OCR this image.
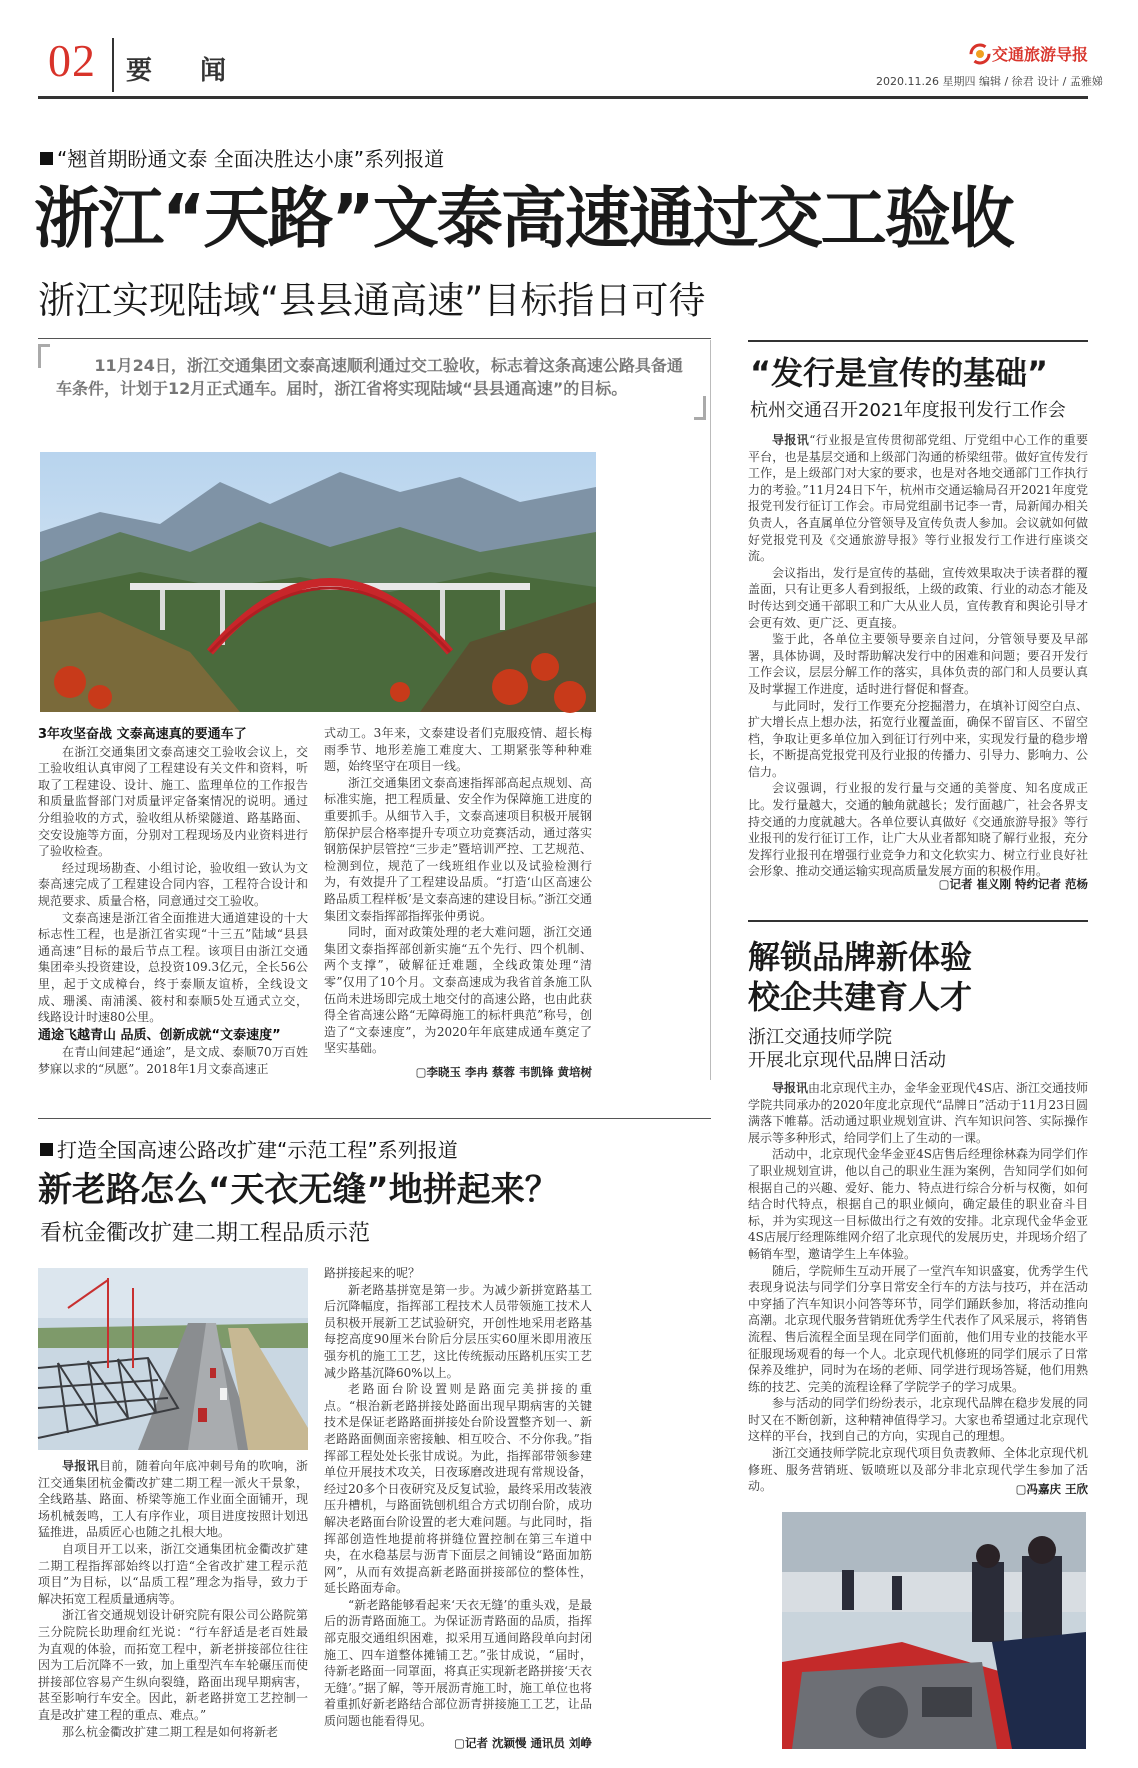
02 要闻
交通旅游导报
2020.11.26 星期四 编辑 / 徐君 设计 / 孟雅娣
“翘首期盼通文泰 全面决胜达小康”系列报道
浙江“天路”文泰高速通过交工验收
浙江实现陆域“县县通高速”目标指日可待
11月24日，浙江交通集团文泰高速顺利通过交工验收，标志着这条高速公路具备通车条件，计划于12月正式通车。届时，浙江省将实现陆域“县县通高速”的目标。

3年攻坚奋战 文泰高速真的要通车了

在浙江交通集团文泰高速交工验收会议上，交工验收组认真审阅了工程建设有关文件和资料，听取了工程建设、设计、施工、监理单位的工作报告和质量监督部门对质量评定备案情况的说明。通过分组验收的方式，验收组从桥梁隧道、路基路面、交安设施等方面，分别对工程现场及内业资料进行了验收检查。

经过现场勘查、小组讨论，验收组一致认为文泰高速完成了工程建设合同内容，工程符合设计和规范要求、质量合格，同意通过交工验收。

文泰高速是浙江省全面推进大通道建设的十大标志性工程，也是浙江省实现“十三五”陆域“县县通高速”目标的最后节点工程。该项目由浙江交通集团牵头投资建设，总投资109.3亿元，全长56公里，起于文成樟台，终于泰顺友谊桥，全线设文成、珊溪、南浦溪、筱村和泰顺5处互通式立交，线路设计时速80公里。

通途飞越青山 品质、创新成就“文泰速度”

在青山间建起“通途”，是文成、泰顺70万百姓梦寐以求的“夙愿”。2018年1月文泰高速正

式动工。3年来，文泰建设者们克服疫情、超长梅雨季节、地形差施工难度大、工期紧张等种种难题，始终坚守在项目一线。

浙江交通集团文泰高速指挥部高起点规划、高标准实施，把工程质量、安全作为保障施工进度的重要抓手。从细节入手，文泰高速项目积极开展钢筋保护层合格率提升专项立功竞赛活动，通过落实钢筋保护层管控“三步走”暨培训严控、工艺规范、检测到位，规范了一线班组作业以及试验检测行为，有效提升了工程建设品质。“打造‘山区高速公路品质工程样板’是文泰高速的建设目标。”浙江交通集团文泰指挥部指挥张仲勇说。

同时，面对政策处理的老大难问题，浙江交通集团文泰指挥部创新实施“五个先行、四个机制、两个支撑”，破解征迁难题，全线政策处理“清零”仅用了10个月。文泰高速成为我省首条施工队伍尚未进场即完成土地交付的高速公路，也由此获得全省高速公路“无障碍施工的标杆典范”称号，创造了“文泰速度”，为2020年年底建成通车奠定了坚实基础。

▢李晓玉 李冉 蔡蓉 韦凯锋 黄培树
“发行是宣传的基础”
杭州交通召开2021年度报刊发行工作会

导报讯“行业报是宣传贯彻部党组、厅党组中心工作的重要平台，也是基层交通和上级部门沟通的桥梁纽带。做好宣传发行工作，是上级部门对大家的要求，也是对各地交通部门工作执行力的考验。”11月24日下午，杭州市交通运输局召开2021年度党报党刊发行征订工作会。市局党组副书记李一青，局新闻办相关负责人，各直属单位分管领导及宣传负责人参加。会议就如何做好党报党刊及《交通旅游导报》等行业报发行工作进行座谈交流。

会议指出，发行是宣传的基础，宣传效果取决于读者群的覆盖面，只有让更多人看到报纸，上级的政策、行业的动态才能及时传达到交通干部职工和广大从业人员，宣传教育和舆论引导才会更有效、更广泛、更直接。

鉴于此，各单位主要领导要亲自过问，分管领导要及早部署，具体协调，及时帮助解决发行中的困难和问题；要召开发行工作会议，层层分解工作的落实，具体负责的部门和人员要认真及时掌握工作进度，适时进行督促和督查。

与此同时，发行工作要充分挖掘潜力，在填补订阅空白点、扩大增长点上想办法，拓宽行业覆盖面，确保不留盲区、不留空档，争取让更多单位加入到征订行列中来，实现发行量的稳步增长，不断提高党报党刊及行业报的传播力、引导力、影响力、公信力。

会议强调，行业报的发行量与交通的美誉度、知名度成正比。发行量越大，交通的触角就越长；发行面越广，社会各界支持交通的力度就越大。各单位要认真做好《交通旅游导报》等行业报刊的发行征订工作，让广大从业者都知晓了解行业报，充分发挥行业报刊在增强行业竞争力和文化软实力、树立行业良好社会形象、推动交通运输实现高质量发展方面的积极作用。

▢记者 崔义刚 特约记者 范杨
解锁品牌新体验
校企共建育人才
浙江交通技师学院
开展北京现代品牌日活动

导报讯由北京现代主办，金华金亚现代4S店、浙江交通技师学院共同承办的2020年度北京现代“品牌日”活动于11月23日圆满落下帷幕。活动通过职业规划宣讲、汽车知识问答、实际操作展示等多种形式，给同学们上了生动的一课。

活动中，北京现代金华金亚4S店售后经理徐林森为同学们作了职业规划宣讲，他以自己的职业生涯为案例，告知同学们如何根据自己的兴趣、爱好、能力、特点进行综合分析与权衡，如何结合时代特点，根据自己的职业倾向，确定最佳的职业奋斗目标，并为实现这一目标做出行之有效的安排。北京现代金华金亚4S店展厅经理陈维网介绍了北京现代的发展历史，并现场介绍了畅销车型，邀请学生上车体验。

随后，学院师生互动开展了一堂汽车知识盛宴，优秀学生代表现身说法与同学们分享日常安全行车的方法与技巧，并在活动中穿插了汽车知识小问答等环节，同学们踊跃参加，将活动推向高潮。北京现代服务营销班优秀学生代表作了风采展示，将销售流程、售后流程全面呈现在同学们面前，他们用专业的技能水平征服现场观看的每一个人。北京现代机修班的同学们展示了日常保养及维护，同时为在场的老师、同学进行现场答疑，他们用熟练的技艺、完美的流程诠释了学院学子的学习成果。

参与活动的同学们纷纷表示，北京现代品牌在稳步发展的同时又在不断创新，这种精神值得学习。大家也希望通过北京现代这样的平台，找到自己的方向，实现自己的理想。

浙江交通技师学院北京现代项目负责教师、全体北京现代机修班、服务营销班、钣喷班以及部分非北京现代学生参加了活动。	▢冯嘉庆 王欣
打造全国高速公路改扩建“示范工程”系列报道
新老路怎么“天衣无缝”地拼起来？
看杭金衢改扩建二期工程品质示范

导报讯目前，随着向年底冲刺号角的吹响，浙江交通集团杭金衢改扩建二期工程一派火干景象，全线路基、路面、桥梁等施工作业面全面铺开，现场机械轰鸣，工人有序作业，项目进度按照计划迅猛推进，品质匠心也随之扎根大地。

自项目开工以来，浙江交通集团杭金衢改扩建二期工程指挥部始终以打造“全省改扩建工程示范项目”为目标，以“品质工程”理念为指导，致力于解决拓宽工程质量通病等。

浙江省交通规划设计研究院有限公司公路院第三分院院长助理俞红光说：“行车舒适是老百姓最为直观的体验，而拓宽工程中，新老拼接部位往往因为工后沉降不一致，加上重型汽车车轮碾压而使拼接部位容易产生纵向裂缝，路面出现早期病害，甚至影响行车安全。因此，新老路拼宽工艺控制一直是改扩建工程的重点、难点。”

那么杭金衢改扩建二期工程是如何将新老

路拼接起来的呢？

新老路基拼宽是第一步。为减少新拼宽路基工后沉降幅度，指挥部工程技术人员带领施工技术人员积极开展新工艺试验研究，开创性地采用老路基每挖高度90厘米台阶后分层压实60厘米即用液压强夯机的施工工艺，这比传统振动压路机压实工艺减少路基沉降60%以上。

老路面台阶设置则是路面完美拼接的重点。“根治新老路拼接处路面出现早期病害的关键技术是保证老路路面拼接处台阶设置整齐划一、新老路路面侧面亲密接触、相互咬合、不分你我。”指挥部工程处处长张甘成说。为此，指挥部带领参建单位开展技术攻关，日夜琢磨改进现有常规设备，经过20多个日夜研究及反复试验，最终采用改装液压升槽机，与路面铣刨机组合方式切削台阶，成功解决老路面台阶设置的老大难问题。与此同时，指挥部创造性地提前将拼缝位置控制在第三车道中央，在水稳基层与沥青下面层之间铺设“路面加筋网”，从而有效提高新老路面拼接部位的整体性，延长路面寿命。

“新老路能够看起来‘天衣无缝’的重头戏，是最后的沥青路面施工。为保证沥青路面的品质，指挥部克服交通组织困难，拟采用互通间路段单向封闭施工、四车道整体摊铺工艺。”张甘成说，“届时，待新老路面一同罩面，将真正实现新老路拼接‘天衣无缝’。”据了解，等开展沥青施工时，施工单位也将着重抓好新老路结合部位沥青拼接施工工艺，让品质问题也能看得见。

▢记者 沈颖慢 通讯员 刘峥
